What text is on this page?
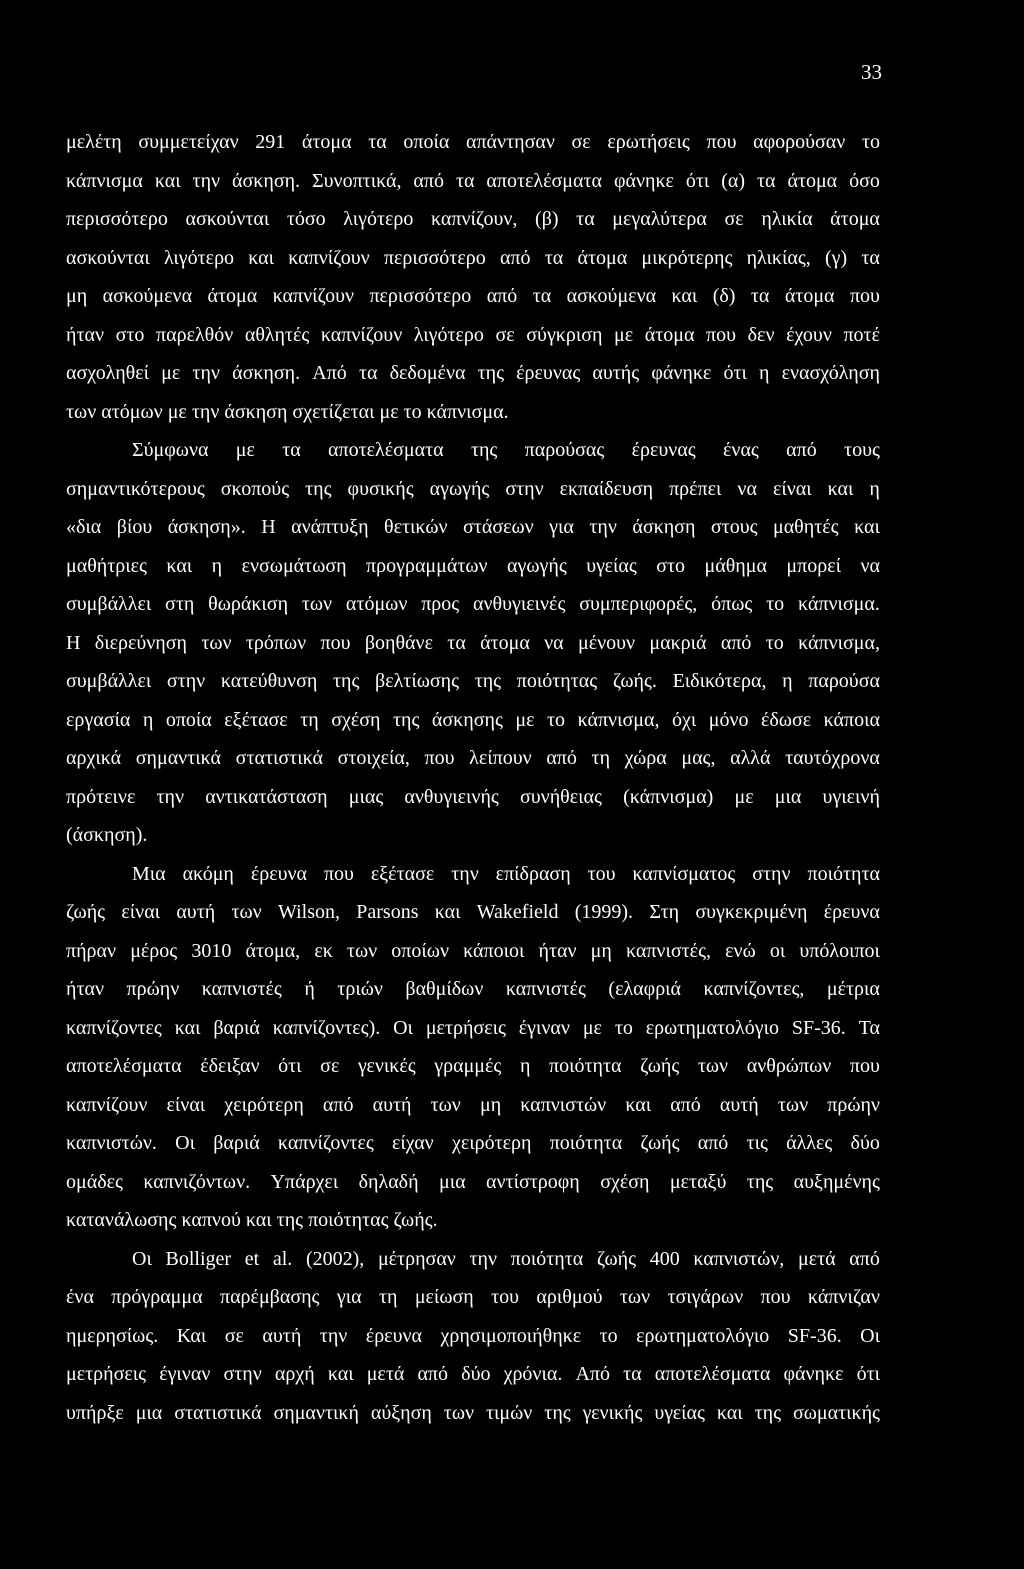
33
μελέτη συμμετείχαν 291 άτομα τα οποία απάντησαν σε ερωτήσεις που αφορούσαν το
κάπνισμα και την άσκηση. Συνοπτικά, από τα αποτελέσματα φάνηκε ότι (α) τα άτομα όσο
περισσότερο ασκούνται τόσο λιγότερο καπνίζουν, (β) τα μεγαλύτερα σε ηλικία άτομα
ασκούνται λιγότερο και καπνίζουν περισσότερο από τα άτομα μικρότερης ηλικίας, (γ) τα
μη ασκούμενα άτομα καπνίζουν περισσότερο από τα ασκούμενα και (δ) τα άτομα που
ήταν στο παρελθόν αθλητές καπνίζουν λιγότερο σε σύγκριση με άτομα που δεν έχουν ποτέ
ασχοληθεί με την άσκηση. Από τα δεδομένα της έρευνας αυτής φάνηκε ότι η ενασχόληση
των ατόμων με την άσκηση σχετίζεται με το κάπνισμα.
Σύμφωνα με τα αποτελέσματα της παρούσας έρευνας ένας από τους
σημαντικότερους σκοπούς της φυσικής αγωγής στην εκπαίδευση πρέπει να είναι και η
«δια βίου άσκηση». Η ανάπτυξη θετικών στάσεων για την άσκηση στους μαθητές και
μαθήτριες και η ενσωμάτωση προγραμμάτων αγωγής υγείας στο μάθημα μπορεί να
συμβάλλει στη θωράκιση των ατόμων προς ανθυγιεινές συμπεριφορές, όπως το κάπνισμα.
Η διερεύνηση των τρόπων που βοηθάνε τα άτομα να μένουν μακριά από το κάπνισμα,
συμβάλλει στην κατεύθυνση της βελτίωσης της ποιότητας ζωής. Ειδικότερα, η παρούσα
εργασία η οποία εξέτασε τη σχέση της άσκησης με το κάπνισμα, όχι μόνο έδωσε κάποια
αρχικά σημαντικά στατιστικά στοιχεία, που λείπουν από τη χώρα μας, αλλά ταυτόχρονα
πρότεινε την αντικατάσταση μιας ανθυγιεινής συνήθειας (κάπνισμα) με μια υγιεινή
(άσκηση).
Μια ακόμη έρευνα που εξέτασε την επίδραση του καπνίσματος στην ποιότητα
ζωής είναι αυτή των Wilson, Parsons και Wakefield (1999). Στη συγκεκριμένη έρευνα
πήραν μέρος 3010 άτομα, εκ των οποίων κάποιοι ήταν μη καπνιστές, ενώ οι υπόλοιποι
ήταν πρώην καπνιστές ή τριών βαθμίδων καπνιστές (ελαφριά καπνίζοντες, μέτρια
καπνίζοντες και βαριά καπνίζοντες). Οι μετρήσεις έγιναν με το ερωτηματολόγιο SF-36. Τα
αποτελέσματα έδειξαν ότι σε γενικές γραμμές η ποιότητα ζωής των ανθρώπων που
καπνίζουν είναι χειρότερη από αυτή των μη καπνιστών και από αυτή των πρώην
καπνιστών. Οι βαριά καπνίζοντες είχαν χειρότερη ποιότητα ζωής από τις άλλες δύο
ομάδες καπνιζόντων. Υπάρχει δηλαδή μια αντίστροφη σχέση μεταξύ της αυξημένης
κατανάλωσης καπνού και της ποιότητας ζωής.
Οι Bolliger et al. (2002), μέτρησαν την ποιότητα ζωής 400 καπνιστών, μετά από
ένα πρόγραμμα παρέμβασης για τη μείωση του αριθμού των τσιγάρων που κάπνιζαν
ημερησίως. Και σε αυτή την έρευνα χρησιμοποιήθηκε το ερωτηματολόγιο SF-36. Οι
μετρήσεις έγιναν στην αρχή και μετά από δύο χρόνια. Από τα αποτελέσματα φάνηκε ότι
υπήρξε μια στατιστικά σημαντική αύξηση των τιμών της γενικής υγείας και της σωματικής
